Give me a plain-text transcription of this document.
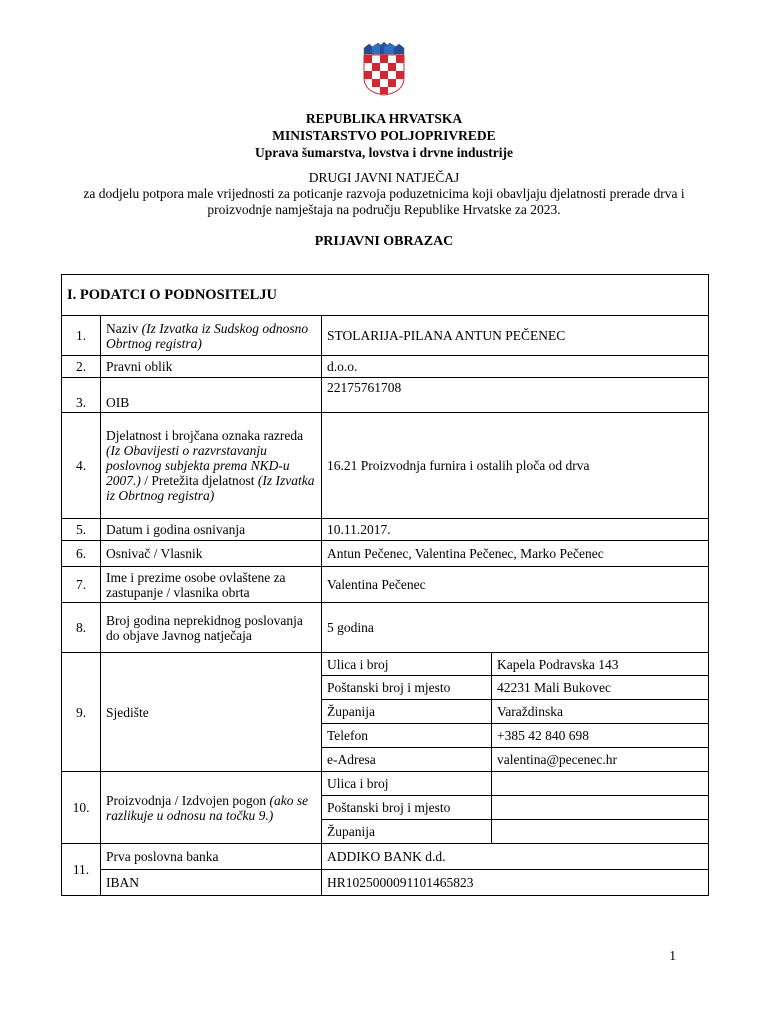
REPUBLIKA HRVATSKA
MINISTARSTVO POLJOPRIVREDE
Uprava šumarstva, lovstva i drvne industrije
DRUGI JAVNI NATJEČAJ
za dodjelu potpora male vrijednosti za poticanje razvoja poduzetnicima koji obavljaju djelatnosti prerade drva i proizvodnje namještaja na području Republike Hrvatske za 2023.
PRIJAVNI OBRAZAC
I. PODATCI O PODNOSITELJU			
1.	Naziv (Iz Izvatka iz Sudskog odnosno Obrtnog registra)	STOLARIJA-PILANA ANTUN PEČENEC	
2.	Pravni oblik	d.o.o.	
3.	OIB	22175761708	
4.	Djelatnost i brojčana oznaka razreda (Iz Obavijesti o razvrstavanju poslovnog subjekta prema NKD-u 2007.) / Pretežita djelatnost (Iz Izvatka iz Obrtnog registra)	16.21 Proizvodnja furnira i ostalih ploča od drva	
5.	Datum i godina osnivanja	10.11.2017.	
6.	Osnivač / Vlasnik	Antun Pečenec, Valentina Pečenec, Marko Pečenec	
7.	Ime i prezime osobe ovlaštene za zastupanje / vlasnika obrta	Valentina Pečenec	
8.	Broj godina neprekidnog poslovanja do objave Javnog natječaja	5 godina	
9.	Sjedište	Ulica i broj	Kapela Podravska 143
		Poštanski broj i mjesto	42231 Mali Bukovec
		Županija	Varaždinska
		Telefon	+385 42 840 698
		e-Adresa	valentina@pecenec.hr
10.	Proizvodnja / Izdvojen pogon (ako se razlikuje u odnosu na točku 9.)	Ulica i broj	
		Poštanski broj i mjesto	
		Županija	
11.	Prva poslovna banka	ADDIKO BANK d.d.	
	IBAN	HR1025000091101465823	
1
